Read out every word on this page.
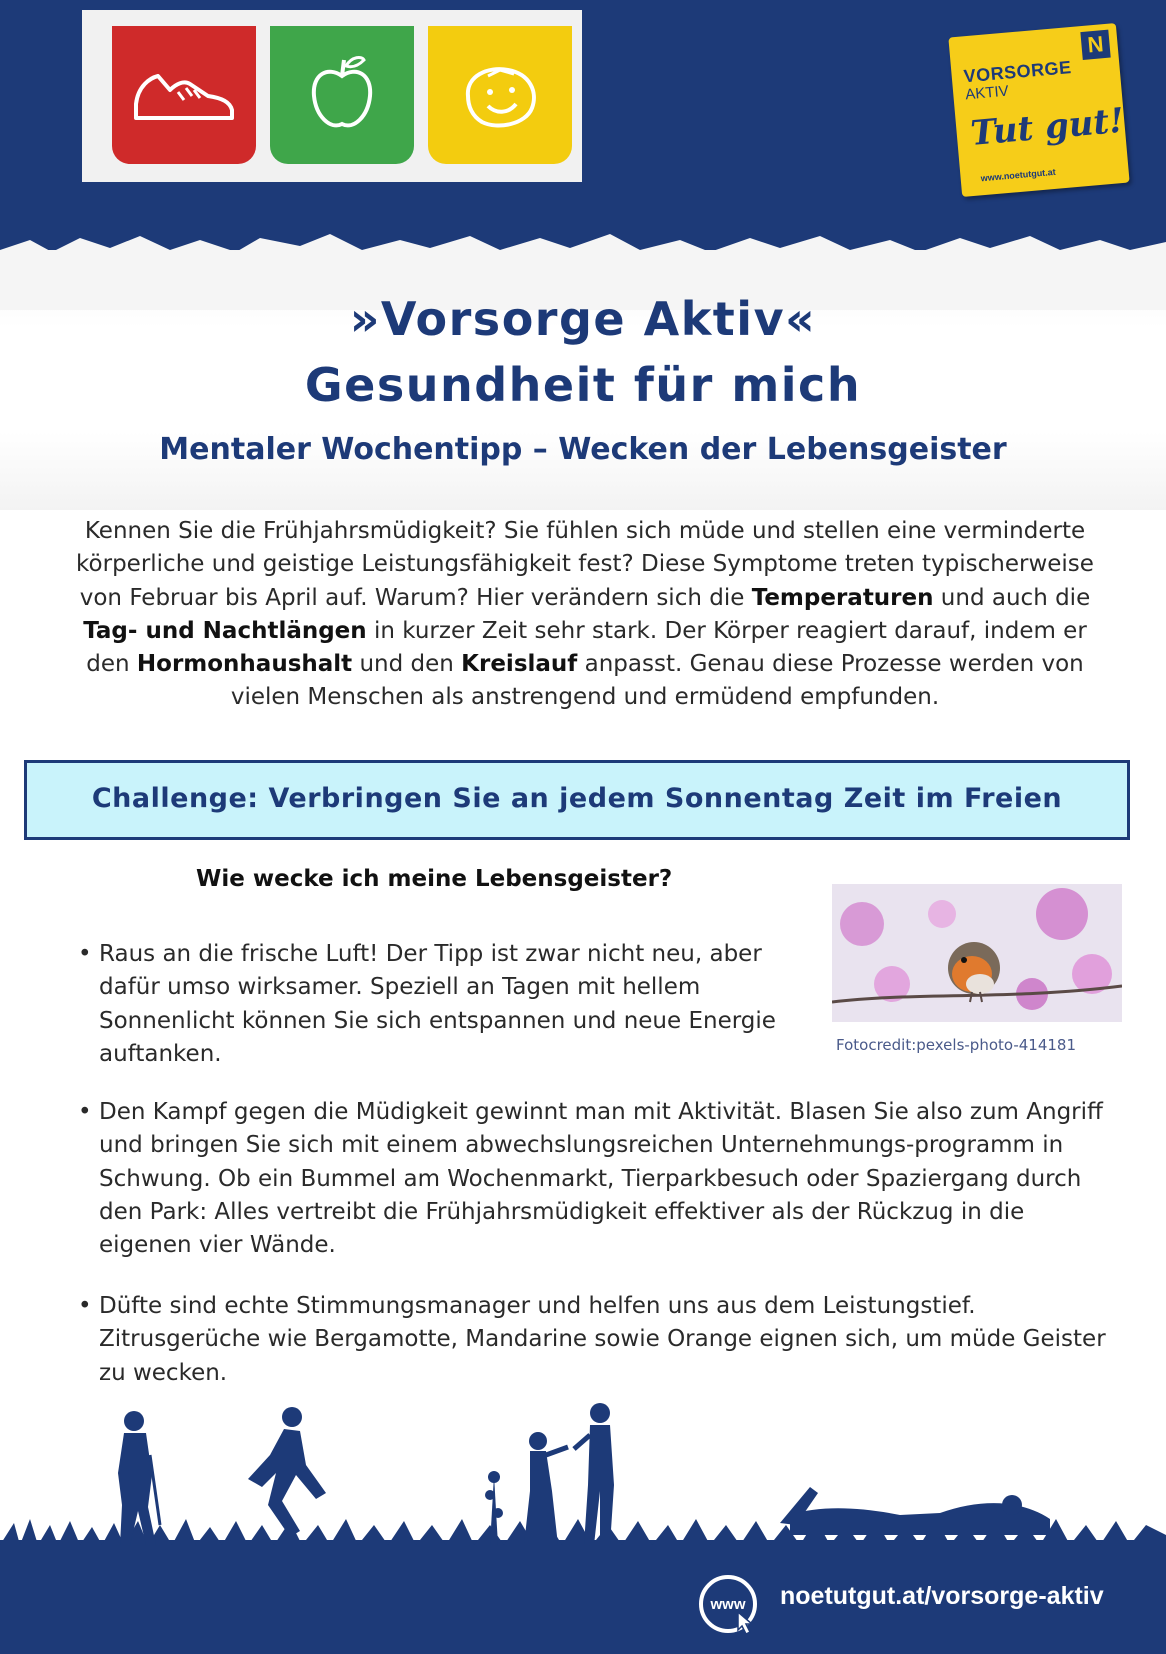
N
VORSORGE
AKTIV
Tut gut!
www.noetutgut.at
»Vorsorge Aktiv«
Gesundheit für mich
Mentaler Wochentipp – Wecken der Lebensgeister
Kennen Sie die Frühjahrsmüdigkeit? Sie fühlen sich müde und stellen eine verminderte körperliche und geistige Leistungsfähigkeit fest? Diese Symptome treten typischerweise von Februar bis April auf. Warum? Hier verändern sich die Temperaturen und auch die Tag- und Nachtlängen in kurzer Zeit sehr stark. Der Körper reagiert darauf, indem er den Hormonhaushalt und den Kreislauf anpasst. Genau diese Prozesse werden von vielen Menschen als anstrengend und ermüdend empfunden.
Challenge: Verbringen Sie an jedem Sonnentag Zeit im Freien
Wie wecke ich meine Lebensgeister?
Fotocredit:pexels-photo-414181
• Raus an die frische Luft! Der Tipp ist zwar nicht neu, aber dafür umso wirksamer. Speziell an Tagen mit hellem Sonnenlicht können Sie sich entspannen und neue Energie auftanken.
• Den Kampf gegen die Müdigkeit gewinnt man mit Aktivität. Blasen Sie also zum Angriff und bringen Sie sich mit einem abwechslungsreichen Unternehmungs-programm in Schwung. Ob ein Bummel am Wochenmarkt, Tierparkbesuch oder Spaziergang durch den Park: Alles vertreibt die Frühjahrsmüdigkeit effektiver als der Rückzug in die eigenen vier Wände.
• Düfte sind echte Stimmungsmanager und helfen uns aus dem Leistungstief. Zitrusgerüche wie Bergamotte, Mandarine sowie Orange eignen sich, um müde Geister zu wecken.
www noetutgut.at/vorsorge-aktiv
